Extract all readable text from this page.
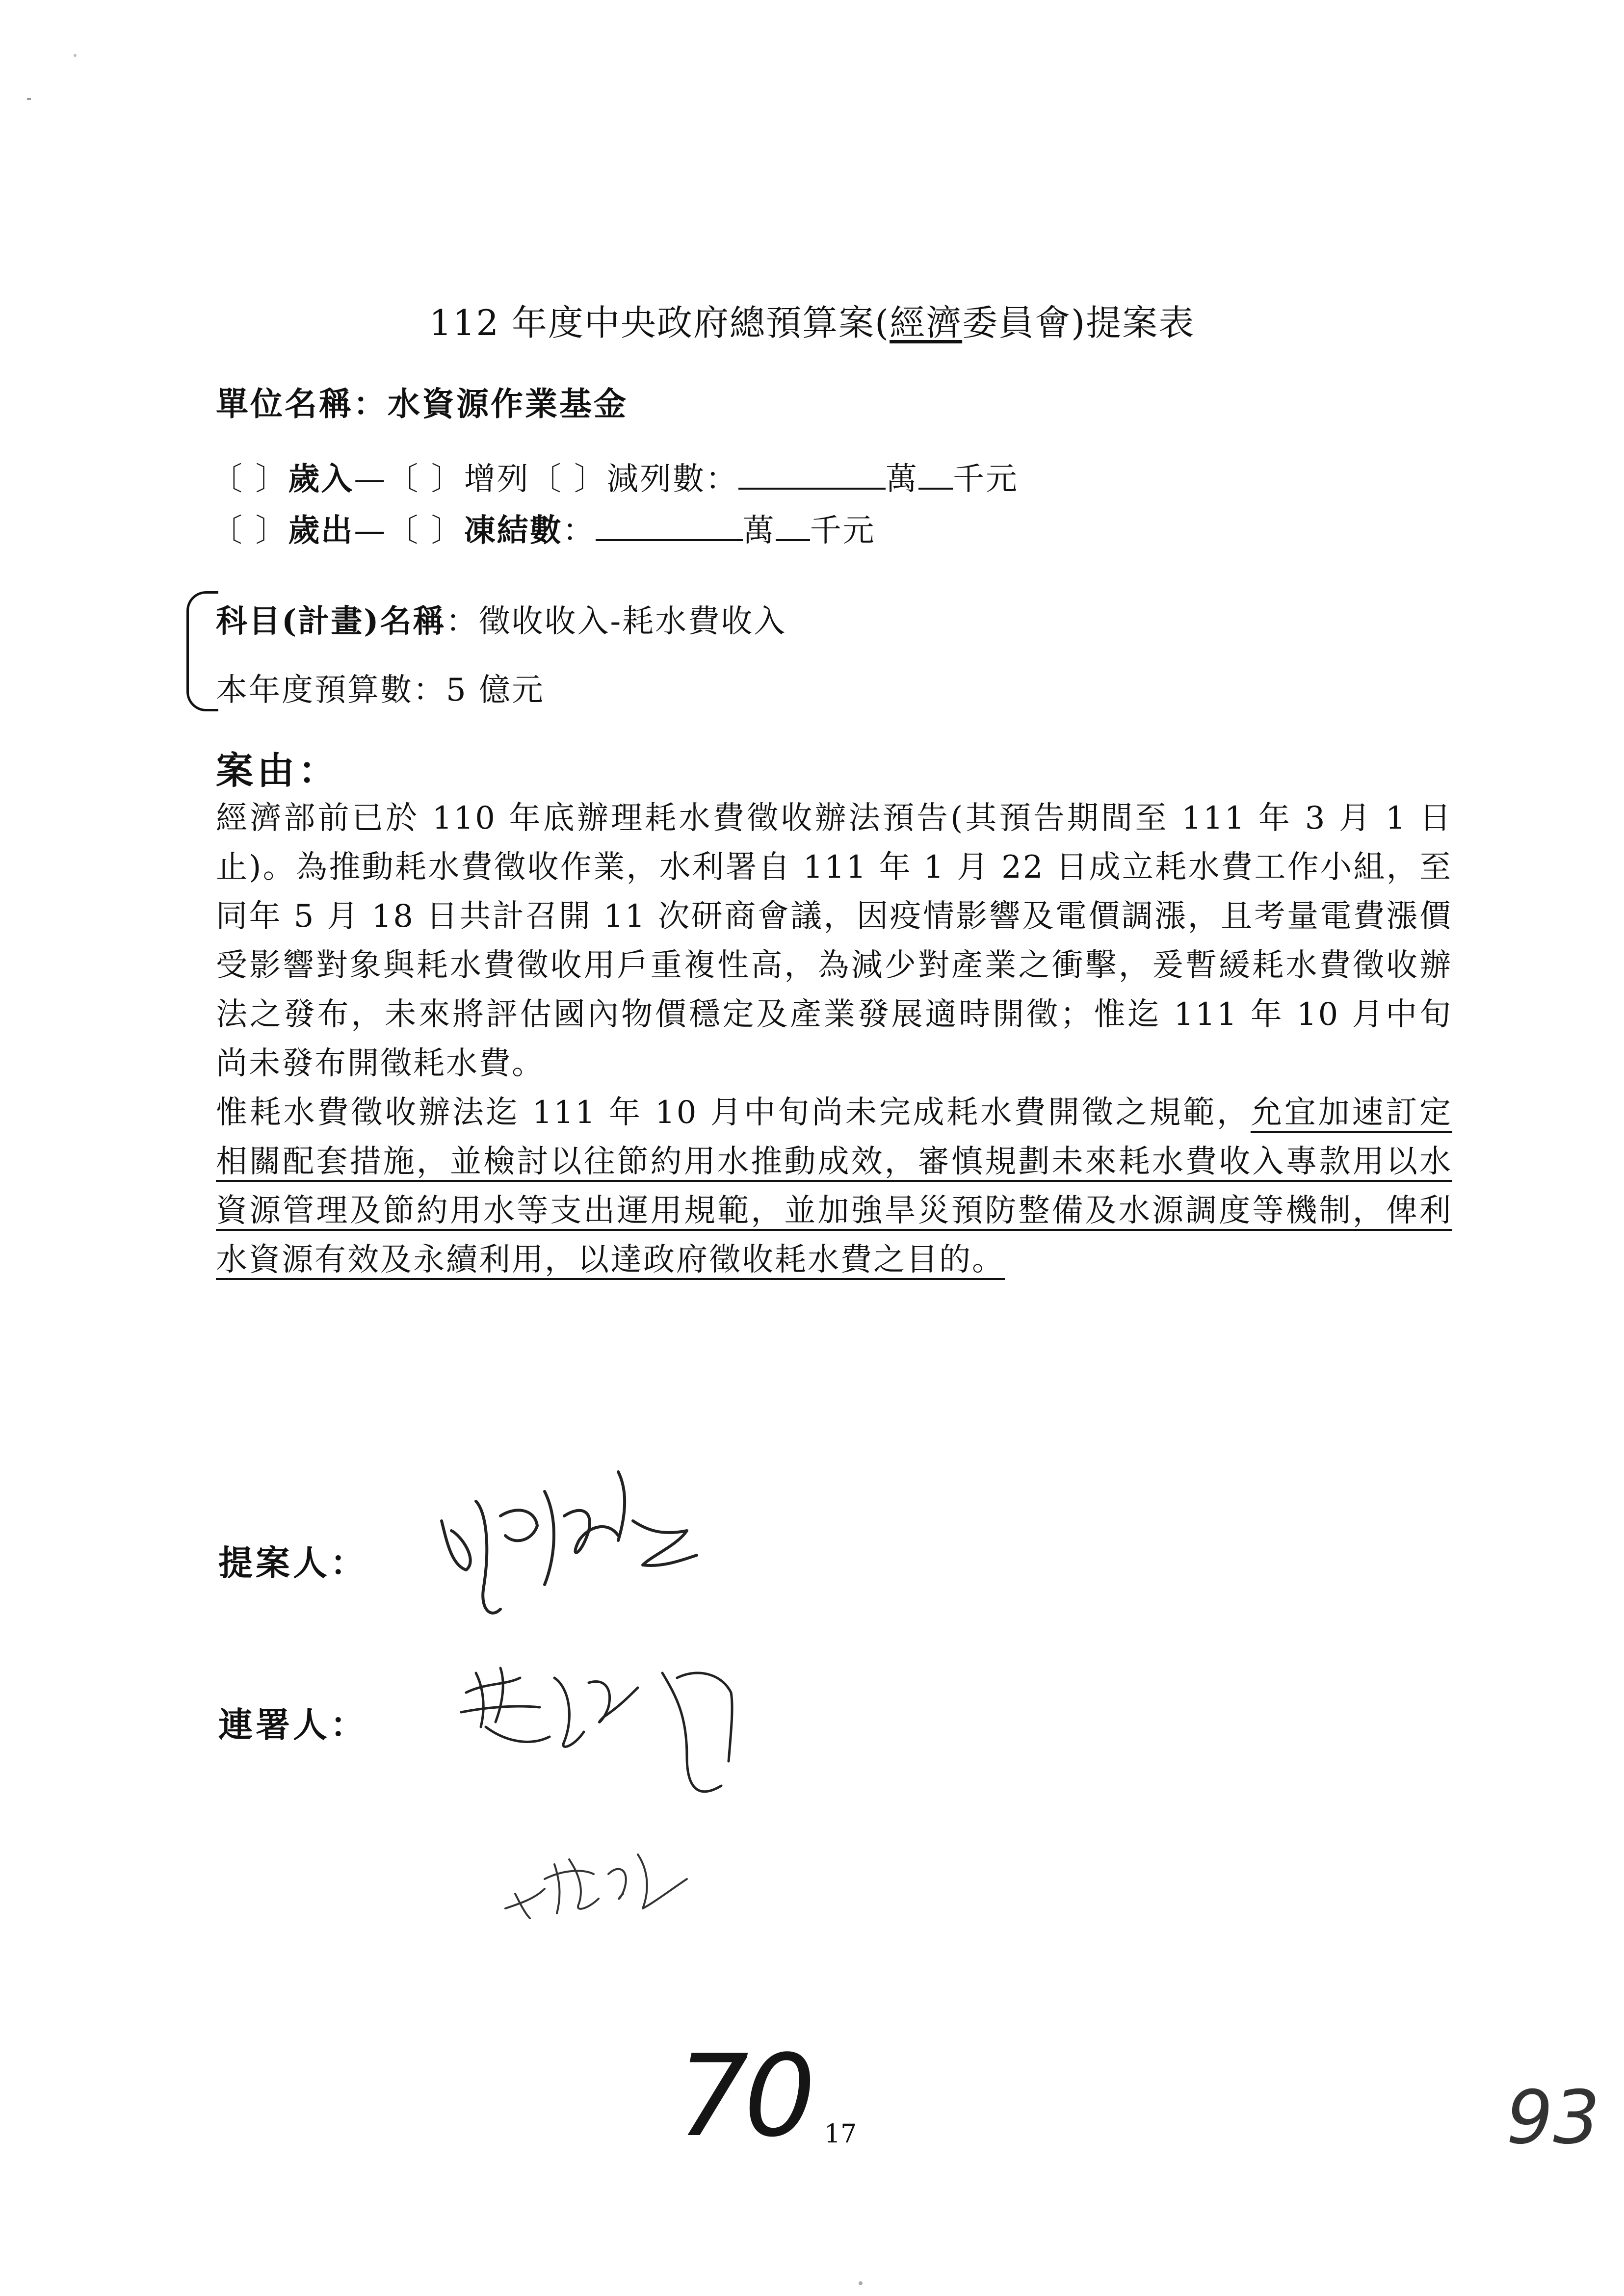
112 年度中央政府總預算案(經濟委員會)提案表
單位名稱：水資源作業基金
〔 〕歲入—〔 〕增列〔 〕減列數：	萬 千元
〔 〕歲出—〔 〕凍結數：	萬 千元
科目(計畫)名稱：徵收收入-耗水費收入
本年度預算數：5 億元
案由：
經濟部前已於 110 年底辦理耗水費徵收辦法預告(其預告期間至 111 年 3 月 1 日止)。為推動耗水費徵收作業，水利署自 111 年 1 月 22 日成立耗水費工作小組，至同年 5 月 18 日共計召開 11 次研商會議，因疫情影響及電價調漲，且考量電費漲價受影響對象與耗水費徵收用戶重複性高，為減少對產業之衝擊，爰暫緩耗水費徵收辦法之發布，未來將評估國內物價穩定及產業發展適時開徵；惟迄 111 年 10 月中旬尚未發布開徵耗水費。
惟耗水費徵收辦法迄 111 年 10 月中旬尚未完成耗水費開徵之規範，允宜加速訂定相關配套措施，並檢討以往節約用水推動成效，審慎規劃未來耗水費收入專款用以水資源管理及節約用水等支出運用規範，並加強旱災預防整備及水源調度等機制，俾利水資源有效及永續利用，以達政府徵收耗水費之目的。
提案人：
連署人：
70 17	93
